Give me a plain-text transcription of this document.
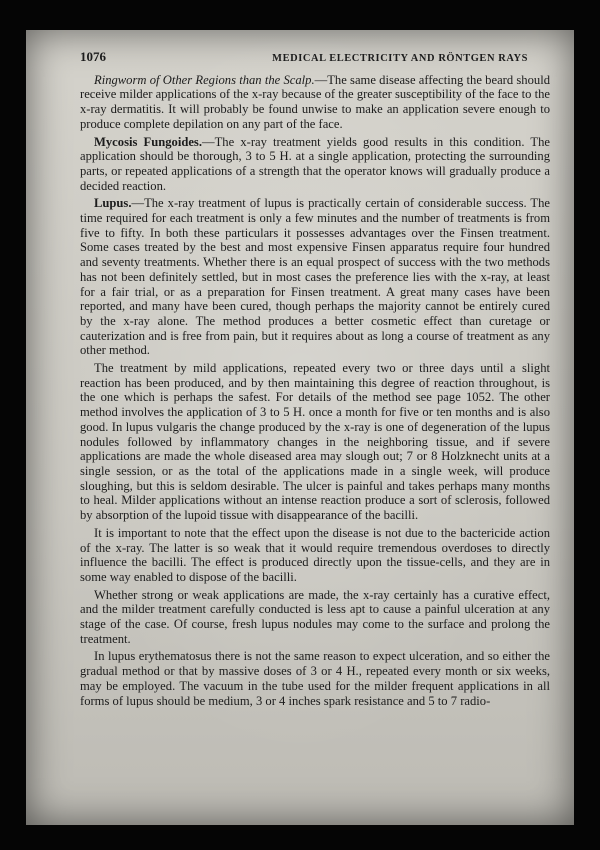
1076	MEDICAL ELECTRICITY AND RÖNTGEN RAYS

Ringworm of Other Regions than the Scalp.—The same disease affecting the beard should receive milder applications of the x-ray because of the greater susceptibility of the face to the x-ray dermatitis. It will probably be found unwise to make an application severe enough to produce complete depilation on any part of the face.

Mycosis Fungoides.—The x-ray treatment yields good results in this condition. The application should be thorough, 3 to 5 H. at a single application, protecting the surrounding parts, or repeated applications of a strength that the operator knows will gradually produce a decided reaction.

Lupus.—The x-ray treatment of lupus is practically certain of considerable success. The time required for each treatment is only a few minutes and the number of treatments is from five to fifty. In both these particulars it possesses advantages over the Finsen treatment. Some cases treated by the best and most expensive Finsen apparatus require four hundred and seventy treatments. Whether there is an equal prospect of success with the two methods has not been definitely settled, but in most cases the preference lies with the x-ray, at least for a fair trial, or as a preparation for Finsen treatment. A great many cases have been reported, and many have been cured, though perhaps the majority cannot be entirely cured by the x-ray alone. The method produces a better cosmetic effect than curetage or cauterization and is free from pain, but it requires about as long a course of treatment as any other method.

The treatment by mild applications, repeated every two or three days until a slight reaction has been produced, and by then maintaining this degree of reaction throughout, is the one which is perhaps the safest. For details of the method see page 1052. The other method involves the application of 3 to 5 H. once a month for five or ten months and is also good. In lupus vulgaris the change produced by the x-ray is one of degeneration of the lupus nodules followed by inflammatory changes in the neighboring tissue, and if severe applications are made the whole diseased area may slough out; 7 or 8 Holzknecht units at a single session, or as the total of the applications made in a single week, will produce sloughing, but this is seldom desirable. The ulcer is painful and takes perhaps many months to heal. Milder applications without an intense reaction produce a sort of sclerosis, followed by absorption of the lupoid tissue with disappearance of the bacilli.

It is important to note that the effect upon the disease is not due to the bactericide action of the x-ray. The latter is so weak that it would require tremendous overdoses to directly influence the bacilli. The effect is produced directly upon the tissue-cells, and they are in some way enabled to dispose of the bacilli.

Whether strong or weak applications are made, the x-ray certainly has a curative effect, and the milder treatment carefully conducted is less apt to cause a painful ulceration at any stage of the case. Of course, fresh lupus nodules may come to the surface and prolong the treatment.

In lupus erythematosus there is not the same reason to expect ulceration, and so either the gradual method or that by massive doses of 3 or 4 H., repeated every month or six weeks, may be employed. The vacuum in the tube used for the milder frequent applications in all forms of lupus should be medium, 3 or 4 inches spark resistance and 5 to 7 radio-
